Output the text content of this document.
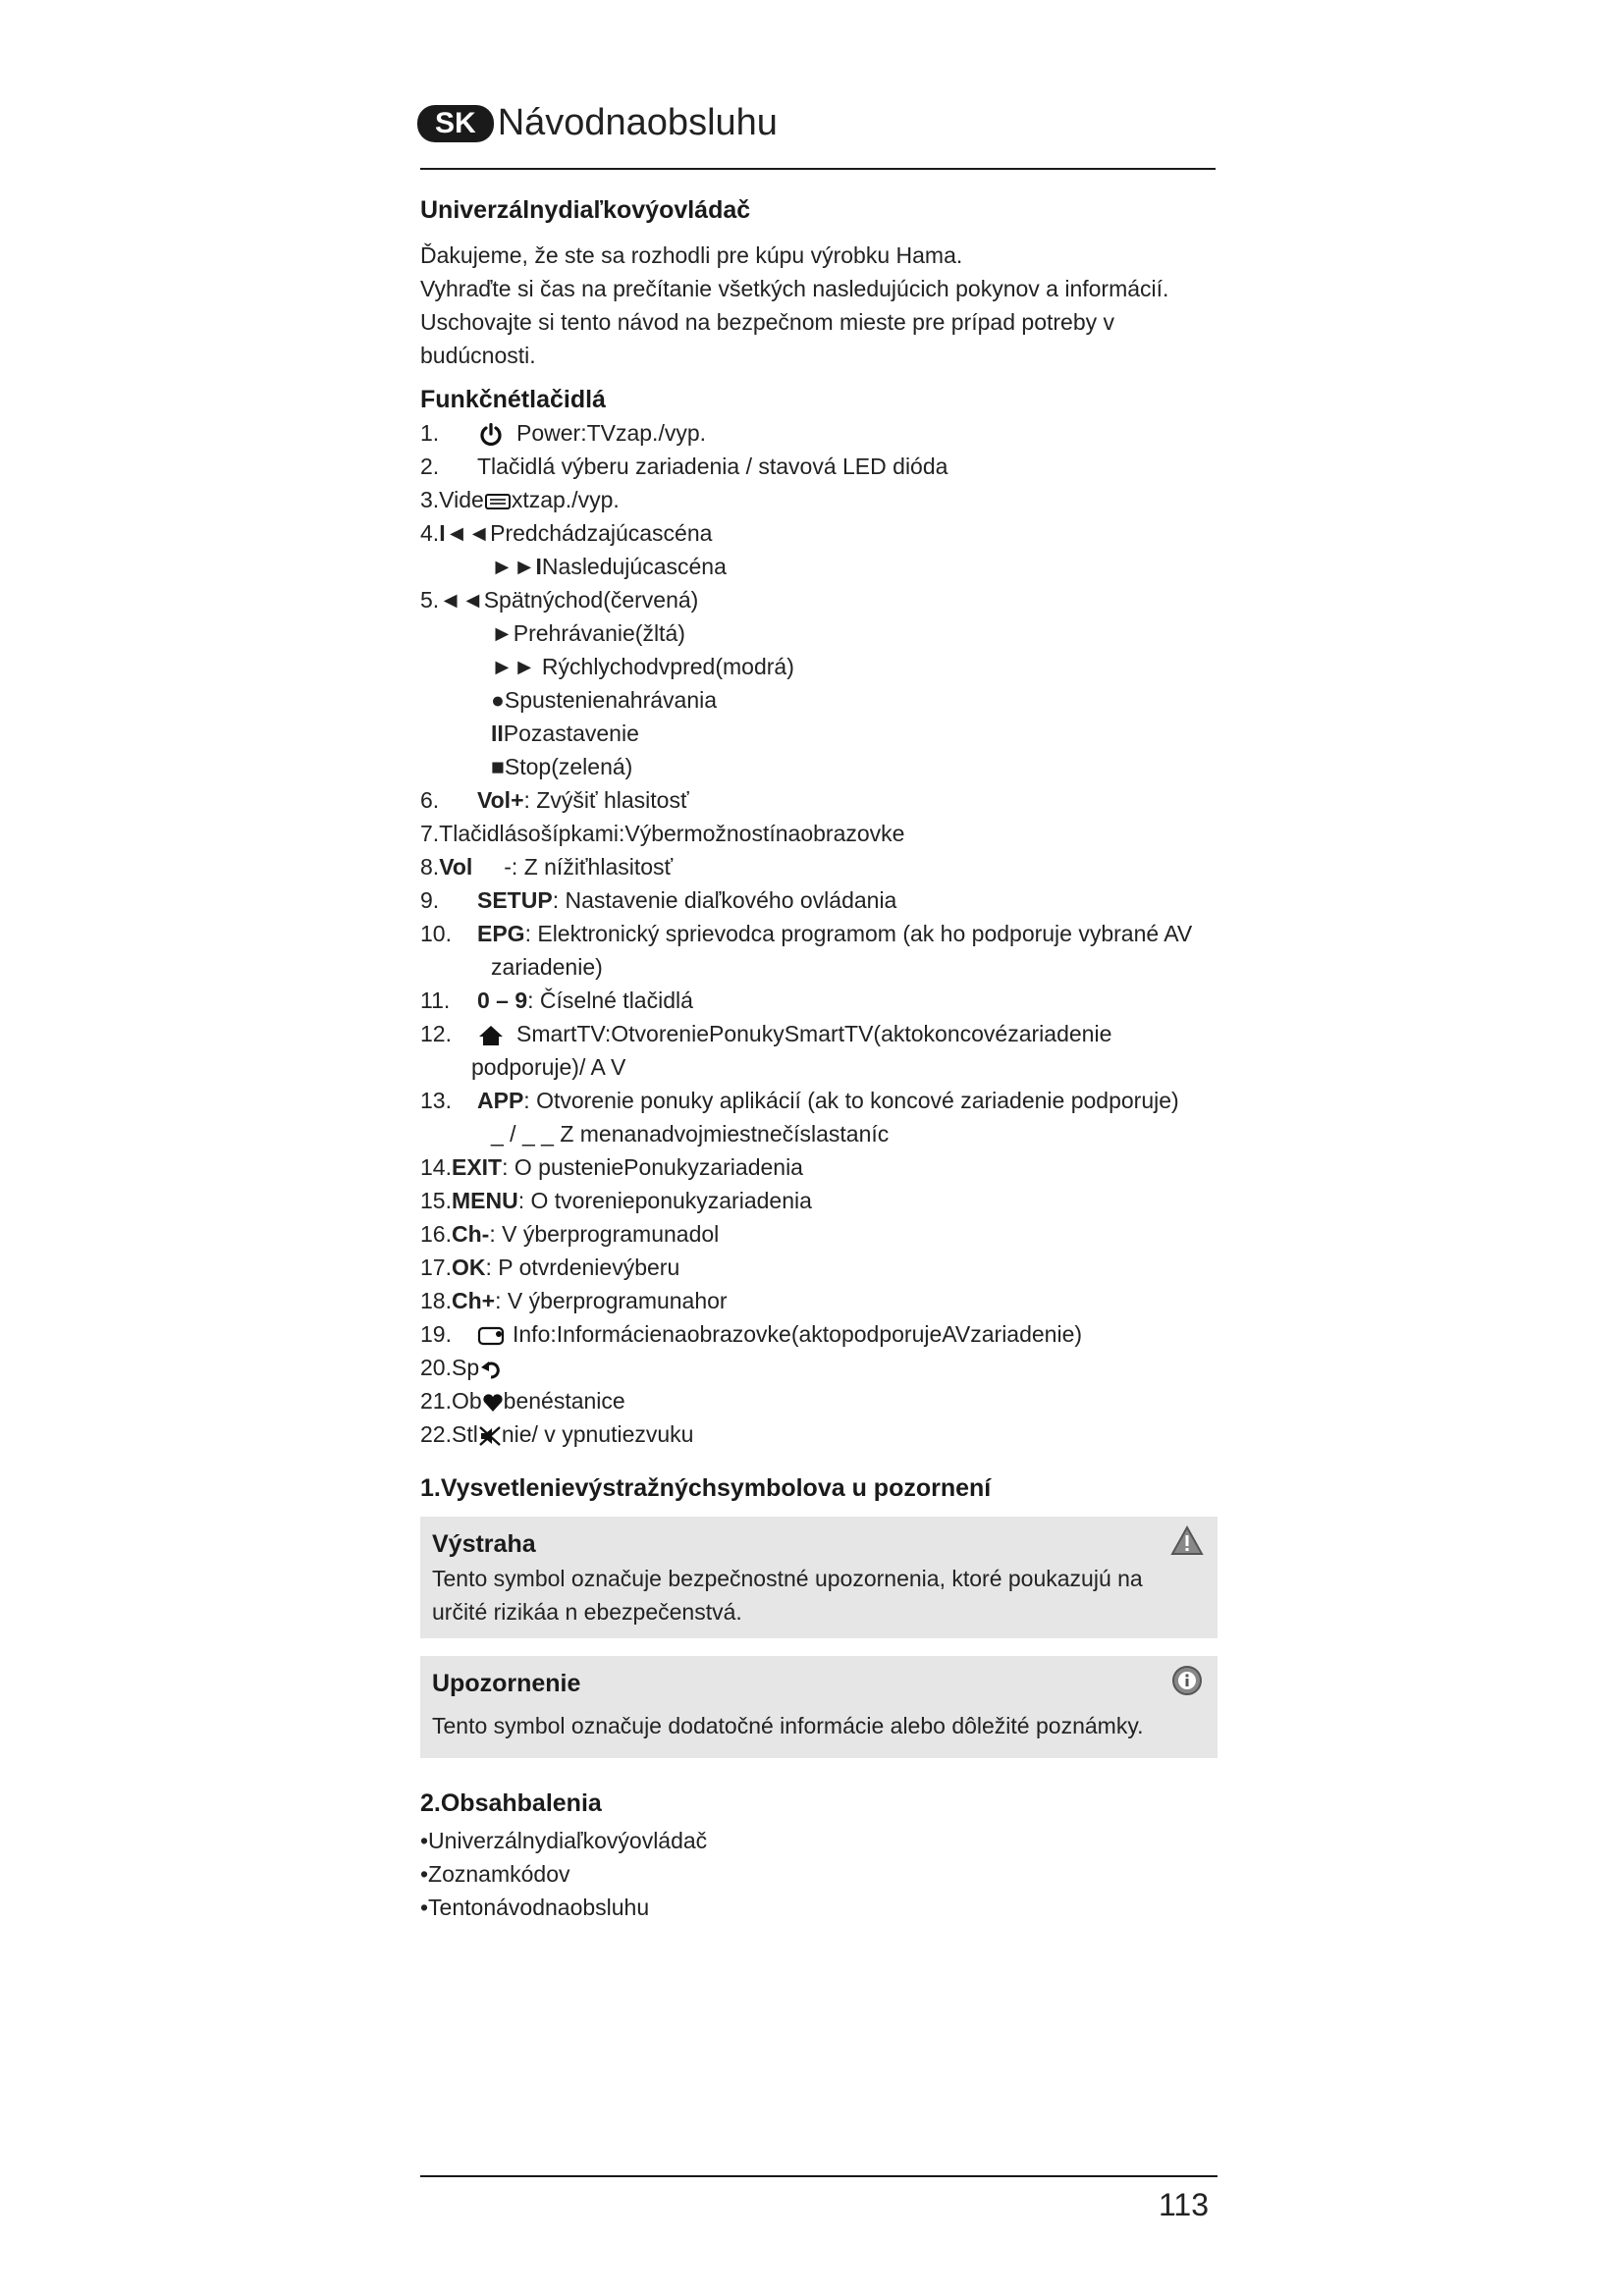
SK Návodnaobsluhu
Univerzálnydiaľkovýovládač
Ďakujeme, že ste sa rozhodli pre kúpu výrobku Hama.
Vyhraďte si čas na prečítanie všetkých nasledujúcich pokynov a informácií.
Uschovajte si tento návod na bezpečnom mieste pre prípad potreby v budúcnosti.
Funkčnétlačidlá
1.	Power:TVzap./vyp.
2. Tlačidlá výberu zariadenia / stavová LED dióda
3.Vide xtzap./vyp.
4.I◄◄Predchádzajúcascéna
►►INasledujúcascéna
5.◄◄Spätnýchod(červená)
►Prehrávanie(žltá)
►► Rýchlychodvpred(modrá)
●Spustenienahrávania
IIPozastavenie
■Stop(zelená)
6. Vol+: Zvýšiť hlasitosť
7.Tlačidlásošípkami:Výbermožnostínaobrazovke
8.Vol -: Z nížiťhlasitosť
9. SETUP: Nastavenie diaľkového ovládania
10. EPG: Elektronický sprievodca programom (ak ho podporuje vybrané AV
zariadenie)
11. 0 – 9: Číselné tlačidlá
12.	SmartTV:OtvoreniePonukySmartTV(aktokoncovézariadenie
podporuje)/ A V
13. APP: Otvorenie ponuky aplikácií (ak to koncové zariadenie podporuje)
_ / _ _ Z menanadvojmiestnečíslastaníc
14.EXIT: O pusteniePonukyzariadenia
15.MENU: O tvorenieponukyzariadenia
16.Ch-: V ýberprogramunadol
17.OK: P otvrdenievýberu
18.Ch+: V ýberprogramunahor
19.	Info:Informácienaobrazovke(aktopodporujeAVzariadenie)
20.Sp
21.Ob benéstanice
22.Stl nie/ v ypnutiezvuku
1.Vysvetlenievýstražnýchsymbolova u pozornení
Výstraha
Tento symbol označuje bezpečnostné upozornenia, ktoré poukazujú na určité rizikáa n ebezpečenstvá.
Upozornenie
Tento symbol označuje dodatočné informácie alebo dôležité poznámky.
2.Obsahbalenia
•Univerzálnydiaľkovýovládač
•Zoznamkódov
•Tentonávodnaobsluhu
113
